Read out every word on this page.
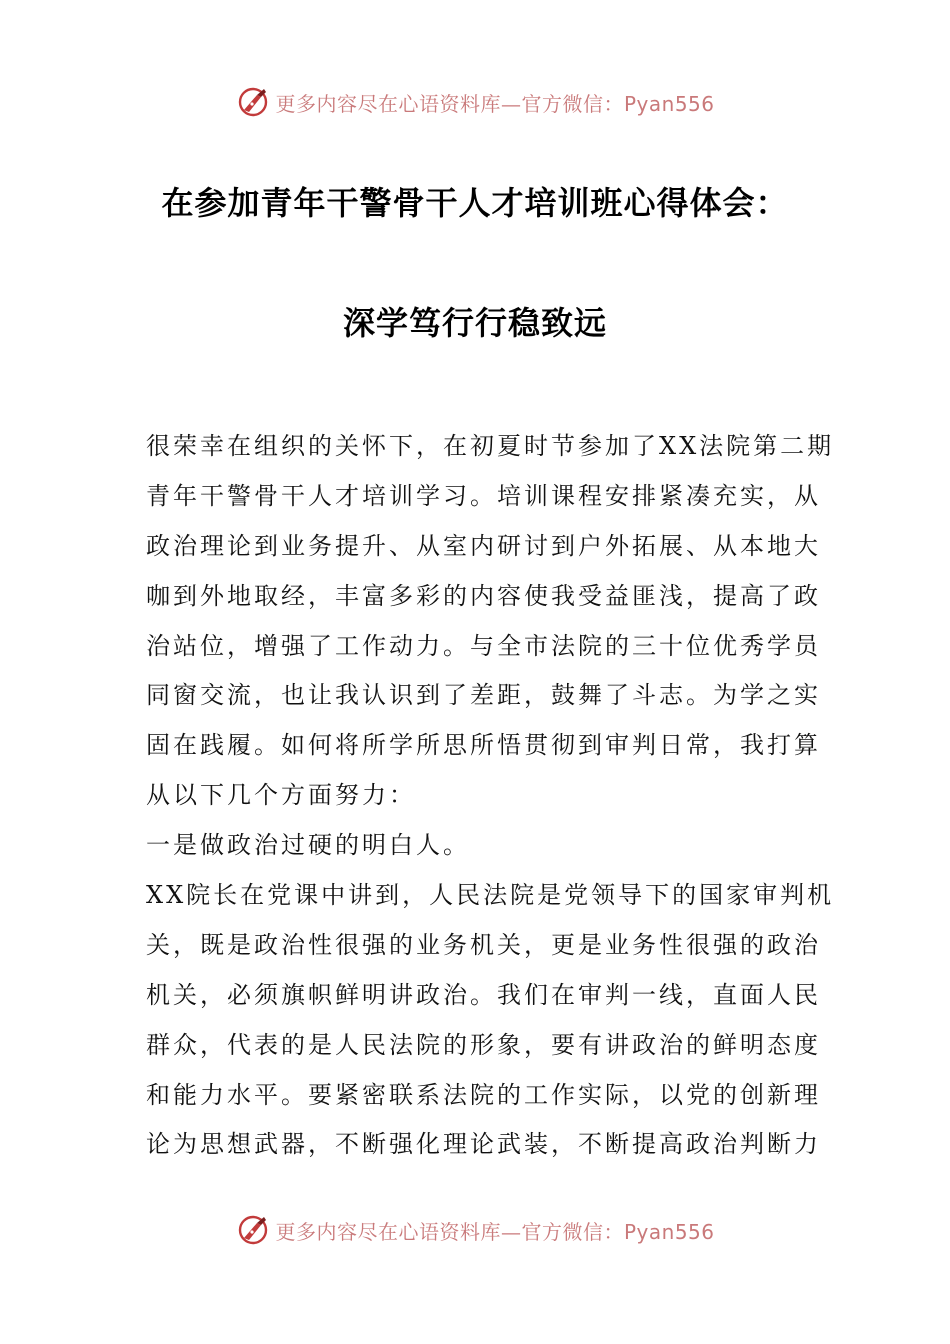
更多内容尽在心语资料库—官方微信：Pyan556
在参加青年干警骨干人才培训班心得体会：
深学笃行行稳致远
很荣幸在组织的关怀下，在初夏时节参加了XX法院第二期
青年干警骨干人才培训学习。培训课程安排紧凑充实，从
政治理论到业务提升、从室内研讨到户外拓展、从本地大
咖到外地取经，丰富多彩的内容使我受益匪浅，提高了政
治站位，增强了工作动力。与全市法院的三十位优秀学员
同窗交流，也让我认识到了差距，鼓舞了斗志。为学之实
固在践履。如何将所学所思所悟贯彻到审判日常，我打算
从以下几个方面努力：
一是做政治过硬的明白人。
XX院长在党课中讲到，人民法院是党领导下的国家审判机
关，既是政治性很强的业务机关，更是业务性很强的政治
机关，必须旗帜鲜明讲政治。我们在审判一线，直面人民
群众，代表的是人民法院的形象，要有讲政治的鲜明态度
和能力水平。要紧密联系法院的工作实际，以党的创新理
论为思想武器，不断强化理论武装，不断提高政治判断力
更多内容尽在心语资料库—官方微信：Pyan556
